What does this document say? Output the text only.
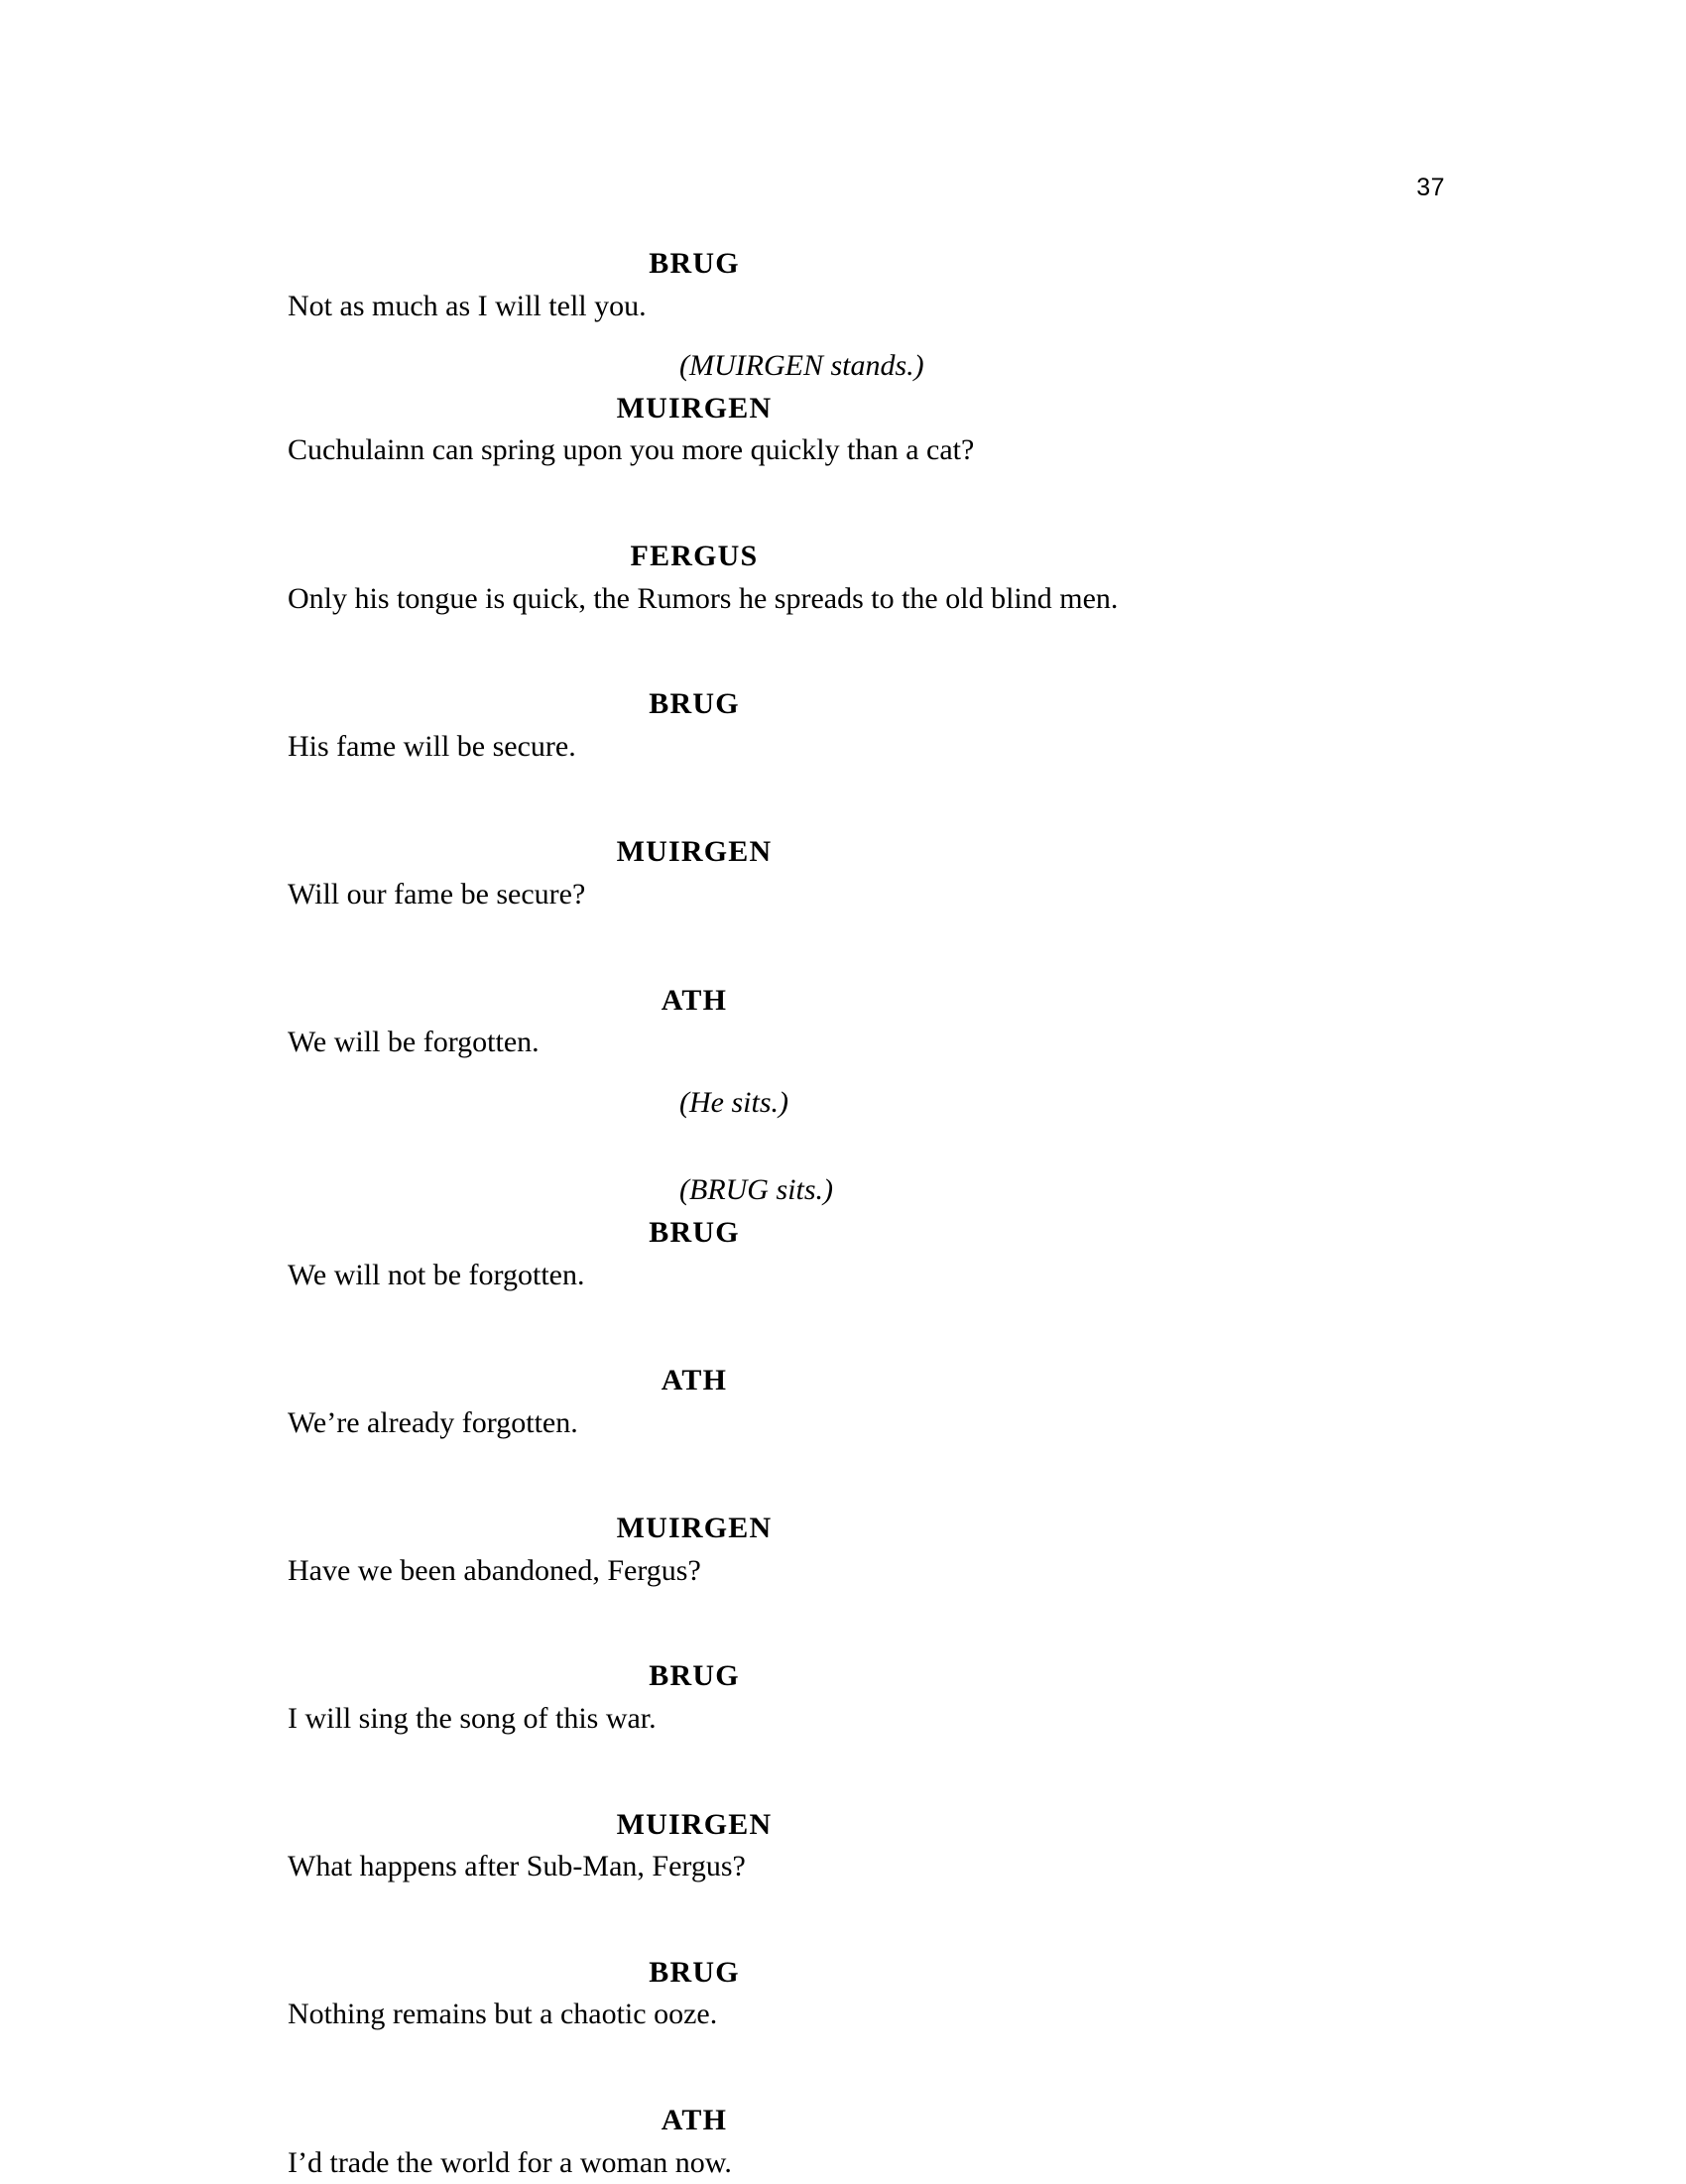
37
BRUG
Not as much as I will tell you.
(MUIRGEN stands.)
MUIRGEN
Cuchulainn can spring upon you more quickly than a cat?
FERGUS
Only his tongue is quick, the Rumors he spreads to the old blind men.
BRUG
His fame will be secure.
MUIRGEN
Will our fame be secure?
ATH
We will be forgotten.
(He sits.)
(BRUG sits.)
BRUG
We will not be forgotten.
ATH
We’re already forgotten.
MUIRGEN
Have we been abandoned, Fergus?
BRUG
I will sing the song of this war.
MUIRGEN
What happens after Sub-Man, Fergus?
BRUG
Nothing remains but a chaotic ooze.
ATH
I’d trade the world for a woman now.
